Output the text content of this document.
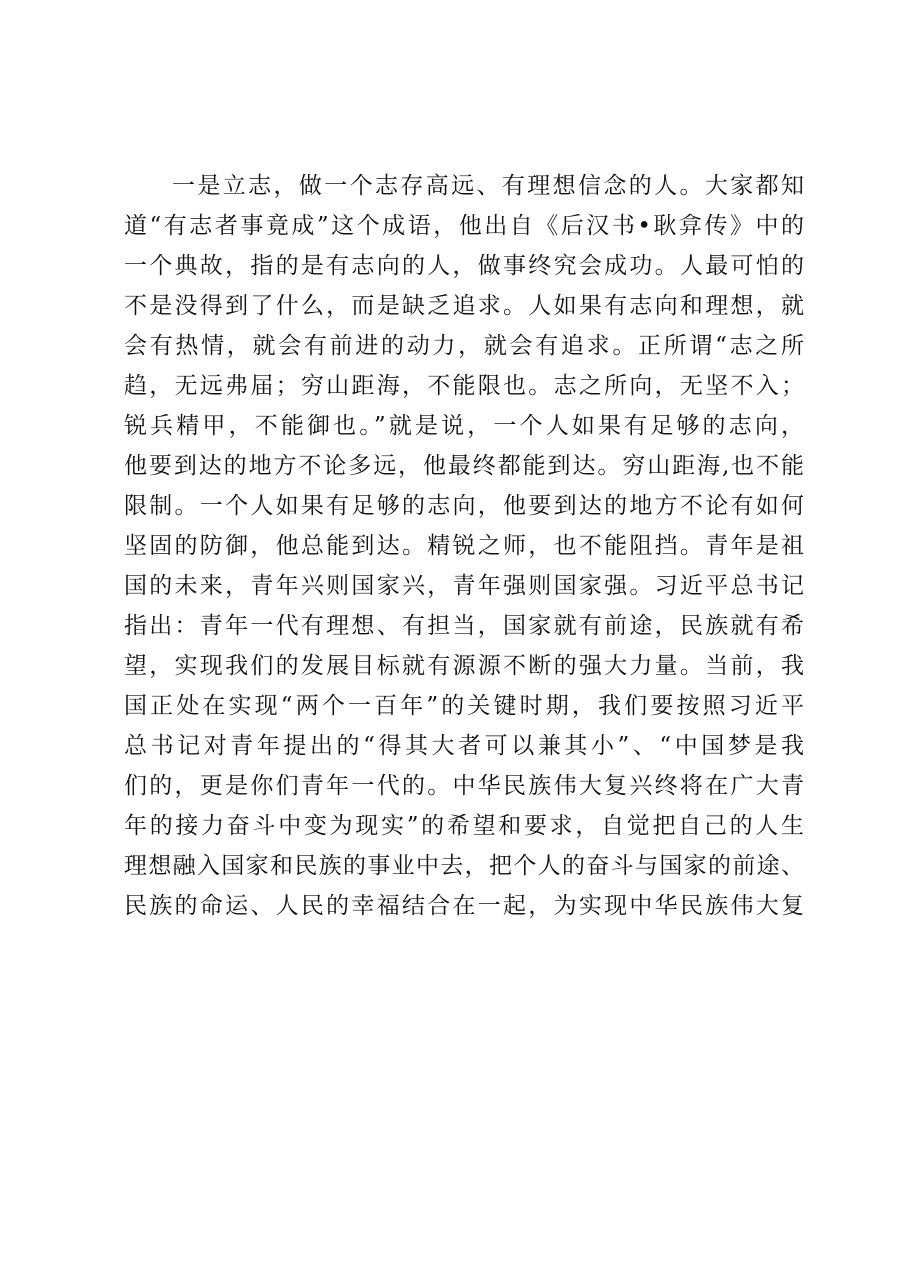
一是立志，做一个志存高远、有理想信念的人。大家都知
道“有志者事竟成”这个成语，他出自《后汉书•耿弇传》中的
一个典故，指的是有志向的人，做事终究会成功。人最可怕的
不是没得到了什么，而是缺乏追求。人如果有志向和理想，就
会有热情，就会有前进的动力，就会有追求。正所谓“志之所
趋，无远弗届；穷山距海，不能限也。志之所向，无坚不入；
锐兵精甲，不能御也。”就是说，一个人如果有足够的志向，
他要到达的地方不论多远，他最终都能到达。穷山距海,也不能
限制。一个人如果有足够的志向，他要到达的地方不论有如何
坚固的防御，他总能到达。精锐之师，也不能阻挡。青年是祖
国的未来，青年兴则国家兴，青年强则国家强。习近平总书记
指出：青年一代有理想、有担当，国家就有前途，民族就有希
望，实现我们的发展目标就有源源不断的强大力量。当前，我
国正处在实现“两个一百年”的关键时期，我们要按照习近平
总书记对青年提出的“得其大者可以兼其小”、“中国梦是我
们的，更是你们青年一代的。中华民族伟大复兴终将在广大青
年的接力奋斗中变为现实”的希望和要求，自觉把自己的人生
理想融入国家和民族的事业中去，把个人的奋斗与国家的前途、
民族的命运、人民的幸福结合在一起，为实现中华民族伟大复
